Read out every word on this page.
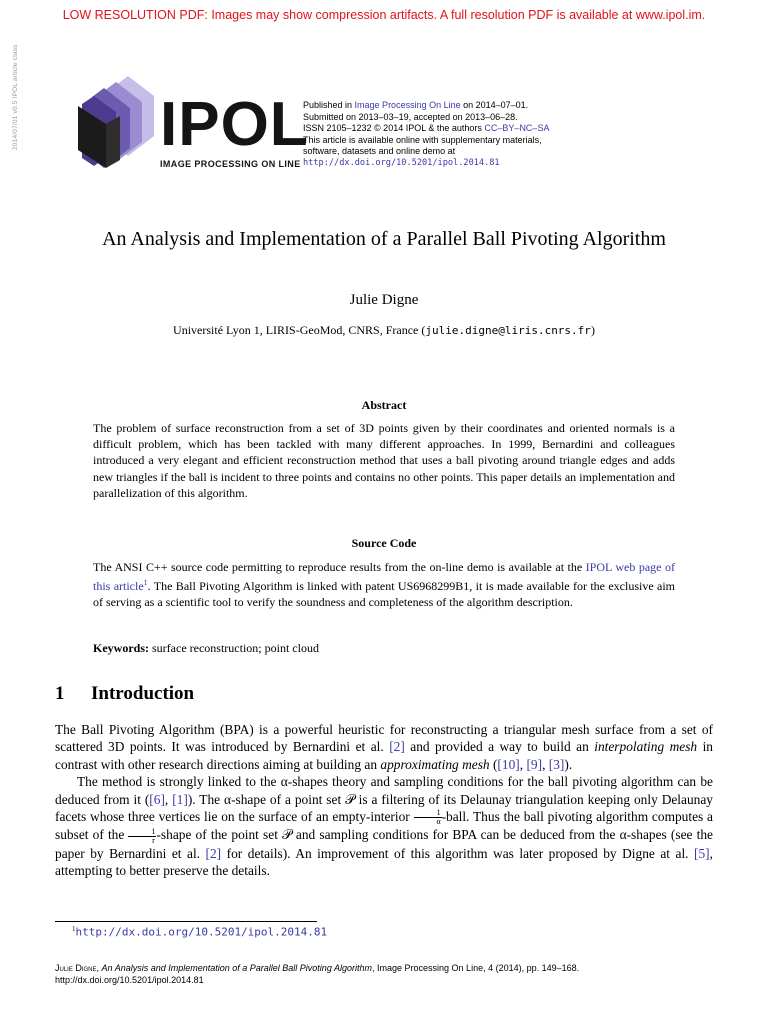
LOW RESOLUTION PDF: Images may show compression artifacts. A full resolution PDF is available at www.ipol.im.
2014/07/01 v0.5 IPOL article class IPOL
IMAGE PROCESSING ON LINE
Published in Image Processing On Line on 2014–07–01.
Submitted on 2013–03–19, accepted on 2013–06–28.
ISSN 2105–1232 © 2014 IPOL & the authors CC–BY–NC–SA
This article is available online with supplementary materials,
software, datasets and online demo at
http://dx.doi.org/10.5201/ipol.2014.81
An Analysis and Implementation of a Parallel Ball Pivoting Algorithm
Julie Digne
Université Lyon 1, LIRIS-GeoMod, CNRS, France (julie.digne@liris.cnrs.fr)
Abstract
The problem of surface reconstruction from a set of 3D points given by their coordinates and oriented normals is a difficult problem, which has been tackled with many different approaches. In 1999, Bernardini and colleagues introduced a very elegant and efficient reconstruction method that uses a ball pivoting around triangle edges and adds new triangles if the ball is incident to three points and contains no other points. This paper details an implementation and parallelization of this algorithm.
Source Code
The ANSI C++ source code permitting to reproduce results from the on-line demo is available at the IPOL web page of this article$^1$. The Ball Pivoting Algorithm is linked with patent US6968299B1, it is made available for the exclusive aim of serving as a scientific tool to verify the soundness and completeness of the algorithm description.
Keywords: surface reconstruction; point cloud
1 Introduction

The Ball Pivoting Algorithm (BPA) is a powerful heuristic for reconstructing a triangular mesh surface from a set of scattered 3D points. It was introduced by Bernardini et al. [2] and provided a way to build an interpolating mesh in contrast with other research directions aiming at building an approximating mesh ([10], [9], [3]).

The method is strongly linked to the α-shapes theory and sampling conditions for the ball pivoting algorithm can be deduced from it ([6], [1]). The α-shape of a point set 𝒫 is a filtering of its Delaunay triangulation keeping only Delaunay facets whose three vertices lie on the surface of an empty-interior $\frac{1}{\alpha}$ -ball. Thus the ball pivoting algorithm computes a subset of the $\frac{1}{r}$ -shape of the point set 𝒫 and sampling conditions for BPA can be deduced from the α-shapes (see the paper by Bernardini et al. [2] for details). An improvement of this algorithm was later proposed by Digne at al. [5], attempting to better preserve the details.

$^1$http://dx.doi.org/10.5201/ipol.2014.81
Julie Digne, An Analysis and Implementation of a Parallel Ball Pivoting Algorithm, Image Processing On Line, 4 (2014), pp. 149–168.
http://dx.doi.org/10.5201/ipol.2014.81
